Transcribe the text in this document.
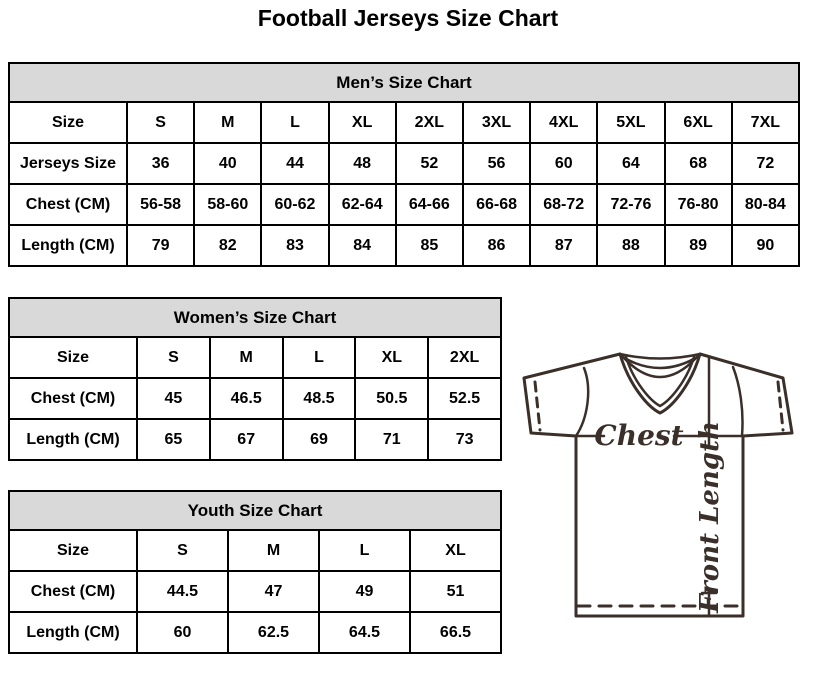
Football Jerseys Size Chart
Men’s Size Chart										
Size	S	M	L	XL	2XL	3XL	4XL	5XL	6XL	7XL
Jerseys Size	36	40	44	48	52	56	60	64	68	72
Chest (CM)	56-58	58-60	60-62	62-64	64-66	66-68	68-72	72-76	76-80	80-84
Length (CM)	79	82	83	84	85	86	87	88	89	90
Women’s Size Chart					
Size	S	M	L	XL	2XL
Chest (CM)	45	46.5	48.5	50.5	52.5
Length (CM)	65	67	69	71	73
Youth Size Chart				
Size	S	M	L	XL
Chest (CM)	44.5	47	49	51
Length (CM)	60	62.5	64.5	66.5
Chest Front Length
